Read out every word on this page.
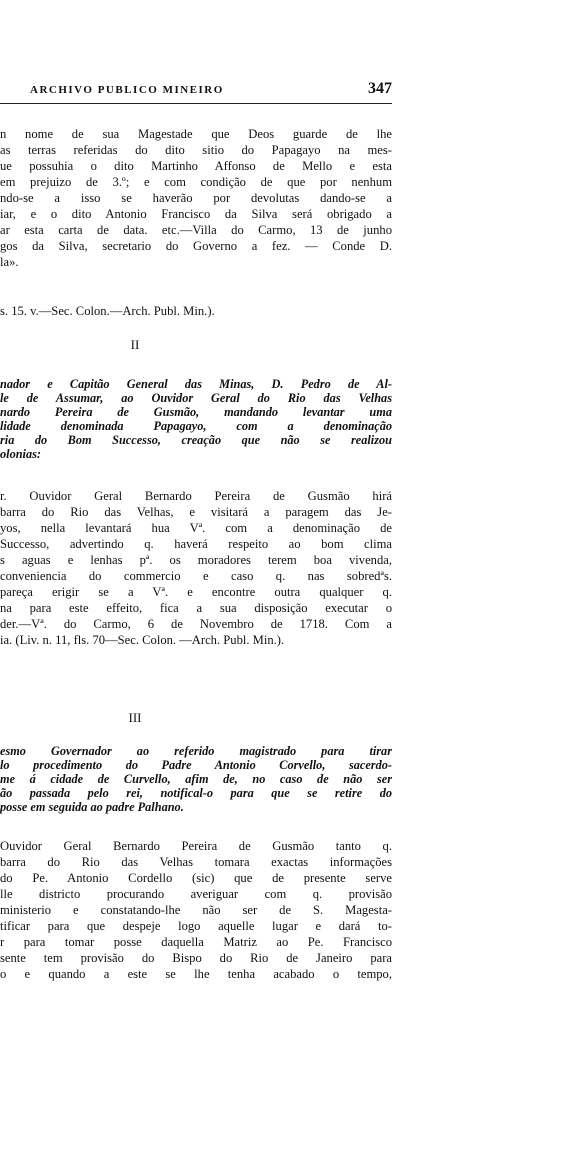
ARCHIVO PUBLICO MINEIRO	347
n nome de sua Magestade que Deos guarde de lhe
as terras referidas do dito sitio do Papagayo na mes-
ue possuhia o dito Martinho Affonso de Mello e esta
em prejuizo de 3.º; e com condição de que por nenhum
ndo-se a isso se haverão por devolutas dando-se a
iar, e o dito Antonio Francisco da Silva será obrigado a
ar esta carta de data. etc.—Villa do Carmo, 13 de junho
gos da Silva, secretario do Governo a fez. — Conde D.
la».
s. 15. v.—Sec. Colon.—Arch. Publ. Min.).
II
nador e Capitão General das Minas, D. Pedro de Al-
le de Assumar, ao Ouvidor Geral do Rio das Velhas
nardo Pereira de Gusmão, mandando levantar uma
lidade denominada Papagayo, com a denominação
ria do Bom Successo, creação que não se realizou
olonias:
r. Ouvidor Geral Bernardo Pereira de Gusmão hirá
barra do Rio das Velhas, e visitará a paragem das Je-
yos, nella levantará hua Vª. com a denominação de
Successo, advertindo q. haverá respeito ao bom clima
s aguas e lenhas pª. os moradores terem boa vivenda,
conveniencia do commercio e caso q. nas sobredªs.
pareça erigir se a Vª. e encontre outra qualquer q.
na para este effeito, fica a sua disposição executar o
der.—Vª. do Carmo, 6 de Novembro de 1718. Com a
ia. (Liv. n. 11, fls. 70—Sec. Colon. —Arch. Publ. Min.).
III
esmo Governador ao referido magistrado para tirar
lo procedimento do Padre Antonio Corvello, sacerdo-
me á cidade de Curvello, afim de, no caso de não ser
ão passada pelo rei, notifical-o para que se retire do
posse em seguida ao padre Palhano.
Ouvidor Geral Bernardo Pereira de Gusmão tanto q.
barra do Rio das Velhas tomara exactas informações
do Pe. Antonio Cordello (sic) que de presente serve
lle districto procurando averiguar com q. provisão
ministerio e constatando-lhe não ser de S. Magesta-
tificar para que despeje logo aquelle lugar e dará to-
r para tomar posse daquella Matriz ao Pe. Francisco
sente tem provisão do Bispo do Rio de Janeiro para
o e quando a este se lhe tenha acabado o tempo,
